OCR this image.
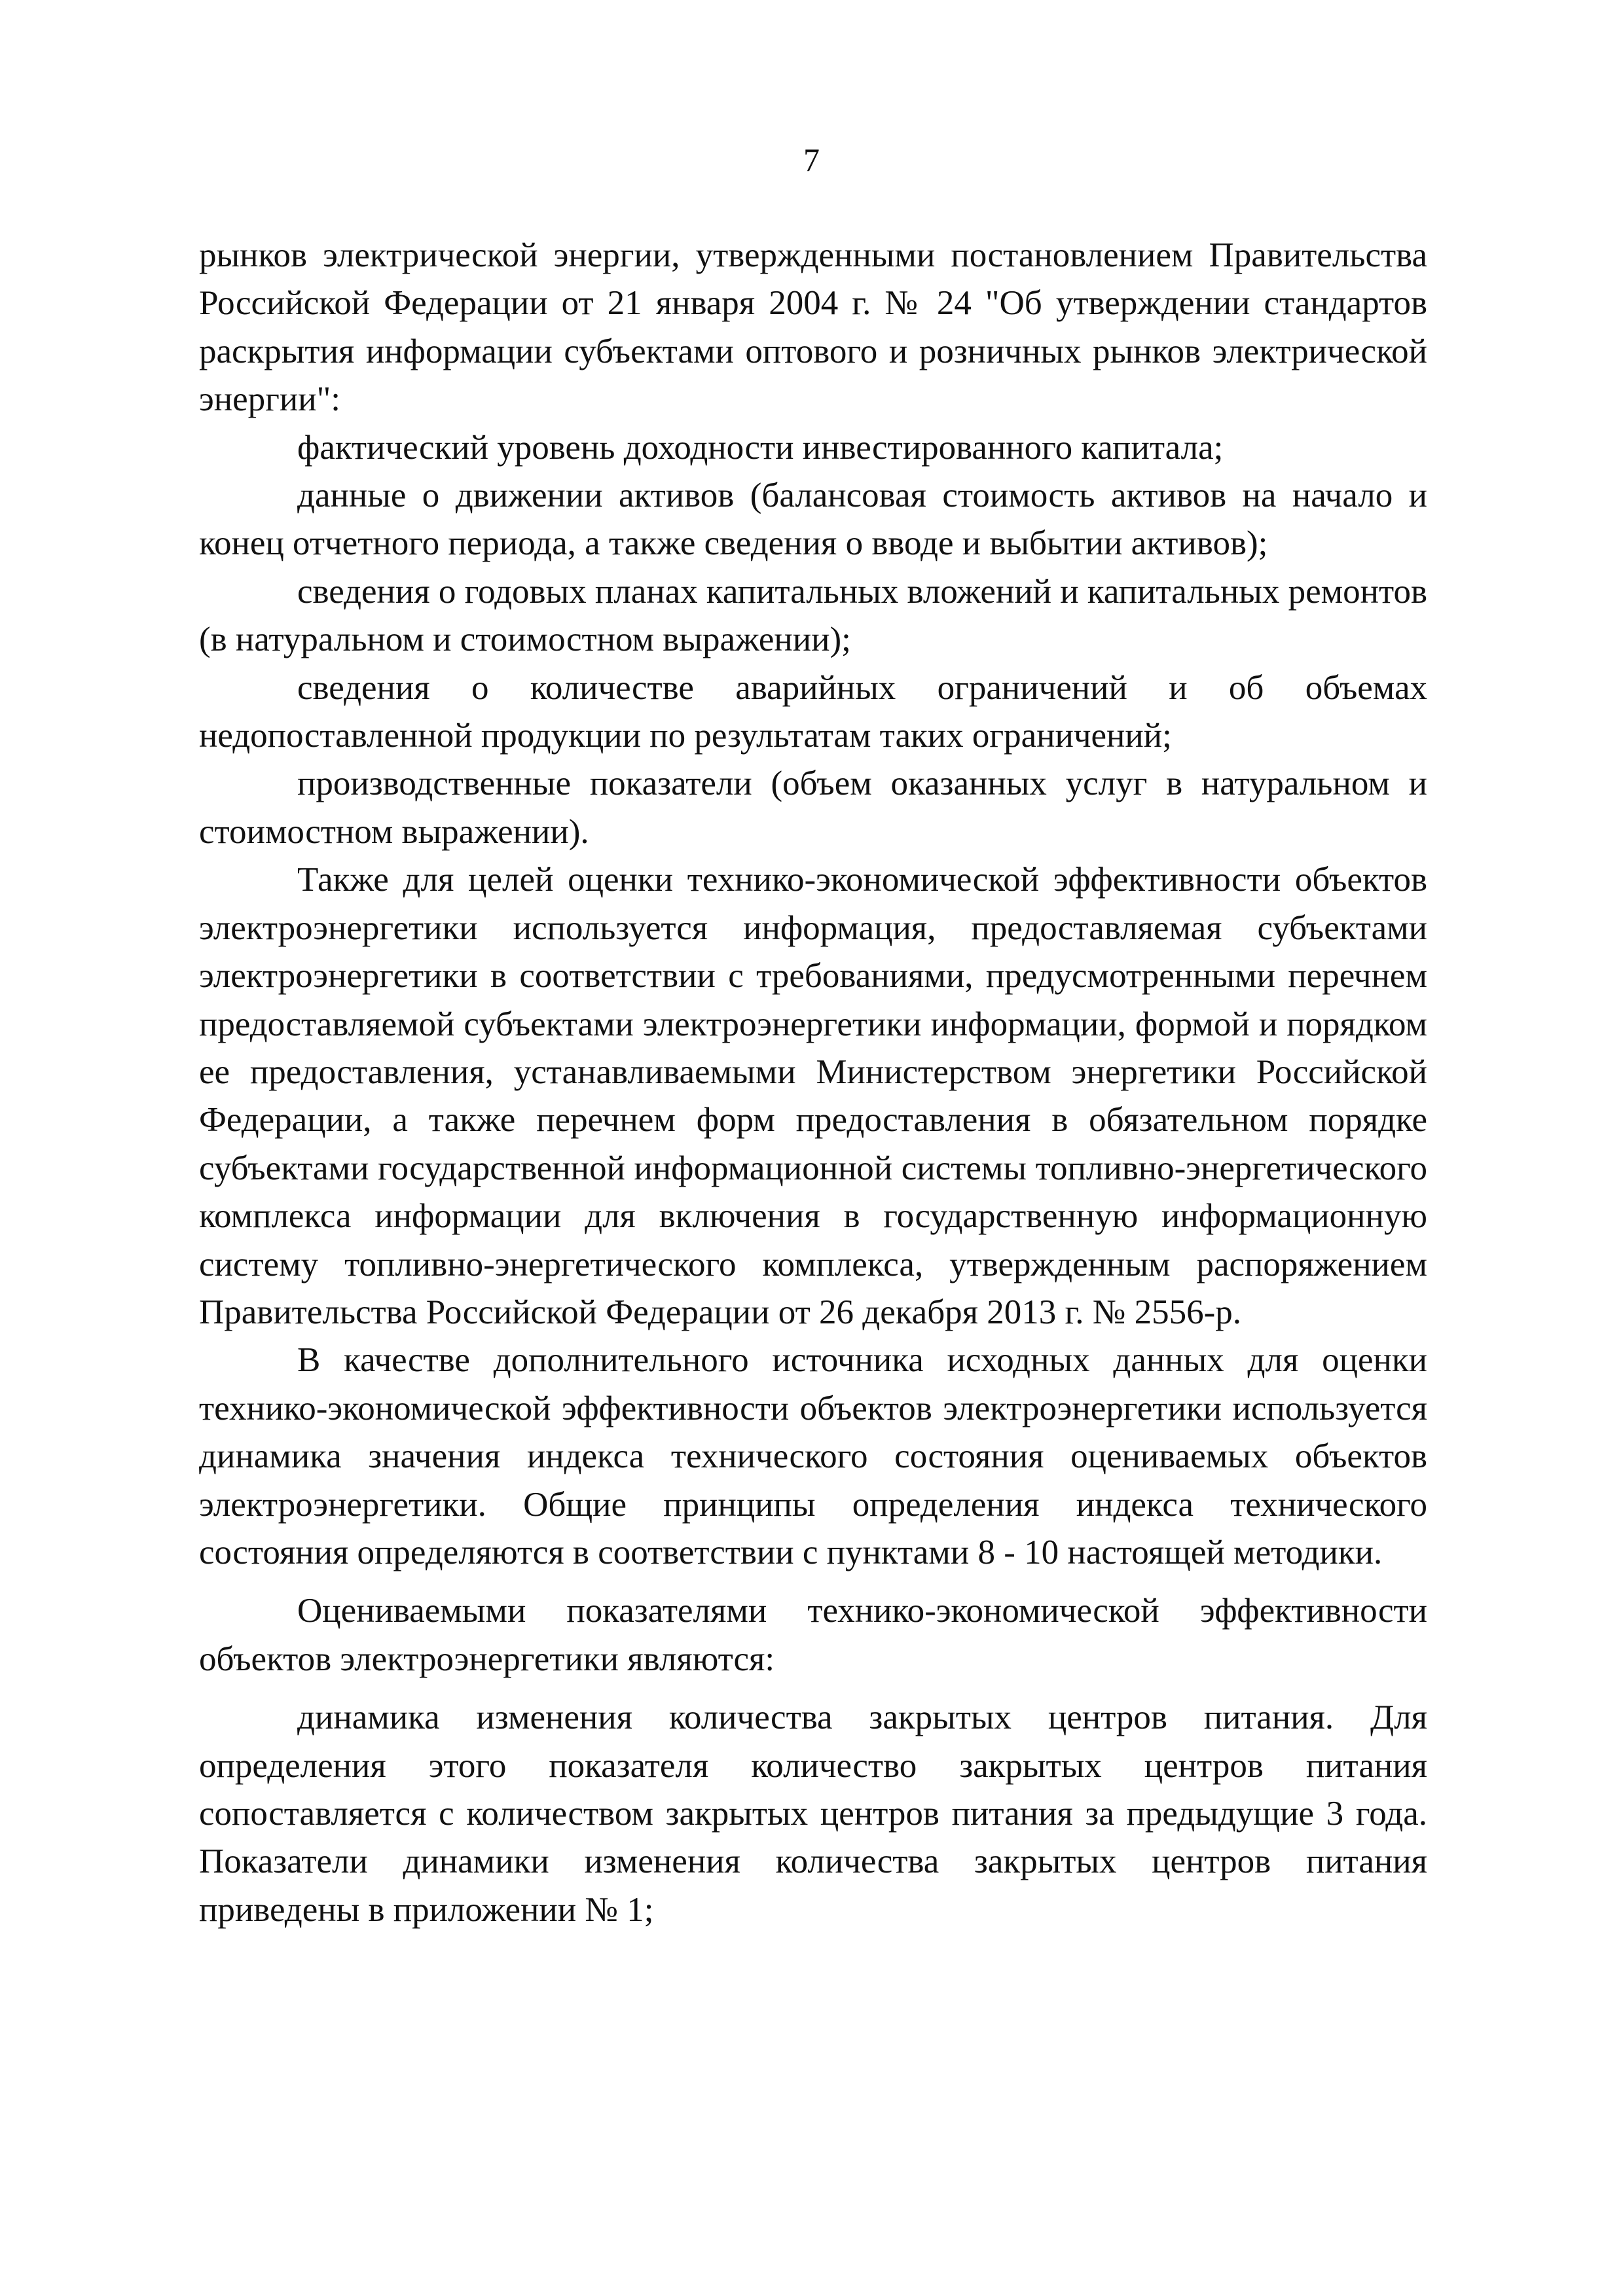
7

рынков электрической энергии, утвержденными постановлением Правительства Российской Федерации от 21 января 2004 г. № 24 "Об утверждении стандартов раскрытия информации субъектами оптового и розничных рынков электрической энергии":

фактический уровень доходности инвестированного капитала;

данные о движении активов (балансовая стоимость активов на начало и конец отчетного периода, а также сведения о вводе и выбытии активов);

сведения о годовых планах капитальных вложений и капитальных ремонтов (в натуральном и стоимостном выражении);

сведения о количестве аварийных ограничений и об объемах недопоставленной продукции по результатам таких ограничений;

производственные показатели (объем оказанных услуг в натуральном и стоимостном выражении).

Также для целей оценки технико-экономической эффективности объектов электроэнергетики используется информация, предоставляемая субъектами электроэнергетики в соответствии с требованиями, предусмотренными перечнем предоставляемой субъектами электроэнергетики информации, формой и порядком ее предоставления, устанавливаемыми Министерством энергетики Российской Федерации, а также перечнем форм предоставления в обязательном порядке субъектами государственной информационной системы топливно-энергетического комплекса информации для включения в государственную информационную систему топливно-энергетического комплекса, утвержденным распоряжением Правительства Российской Федерации от 26 декабря 2013 г. № 2556-р.

В качестве дополнительного источника исходных данных для оценки технико-экономической эффективности объектов электроэнергетики используется динамика значения индекса технического состояния оцениваемых объектов электроэнергетики. Общие принципы определения индекса технического состояния определяются в соответствии с пунктами 8 - 10 настоящей методики.

Оцениваемыми показателями технико-экономической эффективности объектов электроэнергетики являются:

динамика изменения количества закрытых центров питания. Для определения этого показателя количество закрытых центров питания сопоставляется с количеством закрытых центров питания за предыдущие 3 года. Показатели динамики изменения количества закрытых центров питания приведены в приложении № 1;
